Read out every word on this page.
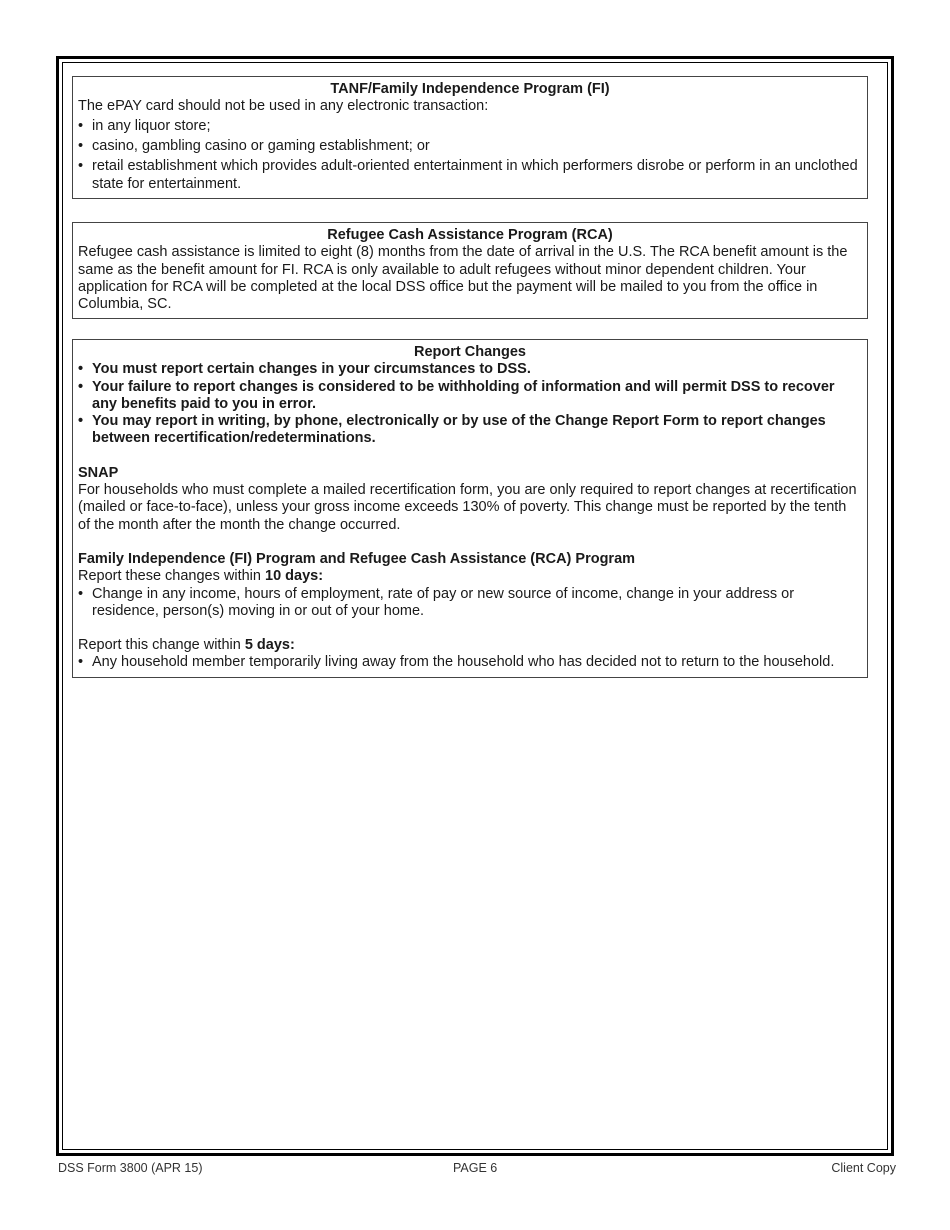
TANF/Family Independence Program (FI)

The ePAY card should not be used in any electronic transaction:

• in any liquor store;
• casino, gambling casino or gaming establishment; or
• retail establishment which provides adult-oriented entertainment in which performers disrobe or perform in an unclothed state for entertainment.

Refugee Cash Assistance Program (RCA)

Refugee cash assistance is limited to eight (8) months from the date of arrival in the U.S. The RCA benefit amount is the same as the benefit amount for FI. RCA is only available to adult refugees without minor dependent children. Your application for RCA will be completed at the local DSS office but the payment will be mailed to you from the office in Columbia, SC.

Report Changes

• You must report certain changes in your circumstances to DSS.
• Your failure to report changes is considered to be withholding of information and will permit DSS to recover any benefits paid to you in error.
• You may report in writing, by phone, electronically or by use of the Change Report Form to report changes between recertification/redeterminations.

SNAP

For households who must complete a mailed recertification form, you are only required to report changes at recertification (mailed or face-to-face), unless your gross income exceeds 130% of poverty. This change must be reported by the tenth of the month after the month the change occurred.

Family Independence (FI) Program and Refugee Cash Assistance (RCA) Program

Report these changes within 10 days:

• Change in any income, hours of employment, rate of pay or new source of income, change in your address or residence, person(s) moving in or out of your home.

Report this change within 5 days:

• Any household member temporarily living away from the household who has decided not to return to the household.
DSS Form 3800 (APR 15)	PAGE 6	Client Copy
